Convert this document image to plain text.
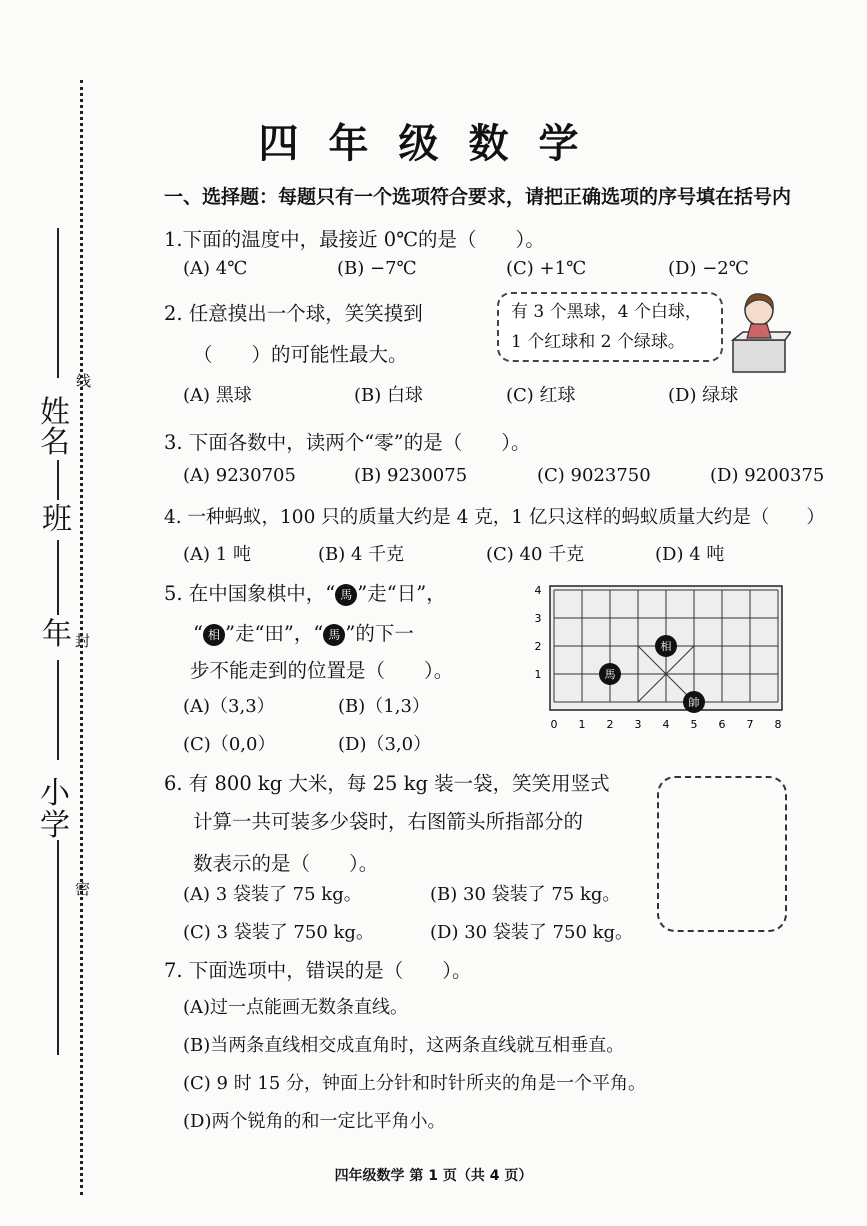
姓名
线
班
年 封
小学
密
四年级数学
一、选择题：每题只有一个选项符合要求，请把正确选项的序号填在括号内
1.下面的温度中，最接近 0℃的是（　　）。
(A) 4℃	(B) −7℃	(C) +1℃	(D) −2℃
2. 任意摸出一个球，笑笑摸到
（　　）的可能性最大。
有 3 个黑球，4 个白球，
1 个红球和 2 个绿球。
(A) 黑球	(B) 白球	(C) 红球	(D) 绿球
3. 下面各数中，读两个“零”的是（　　）。
(A) 9230705	(B) 9230075	(C) 9023750	(D) 9200375
4. 一种蚂蚁，100 只的质量大约是 4 克，1 亿只这样的蚂蚁质量大约是（　　）
(A) 1 吨	(B) 4 千克	(C) 40 千克	(D) 4 吨
5. 在中国象棋中，“ 馬 ”走“日”，
“ 相 ”走“田”，“ 馬 ”的下一
步不能走到的位置是（　　）。
(A)（3,3）	(B)（1,3）
(C)（0,0）	(D)（3,0）
0 1 2 3 4 5 6 7 8
1
2
3
4
馬
相
帥
6. 有 800 kg 大米，每 25 kg 装一袋，笑笑用竖式
计算一共可装多少袋时，右图箭头所指部分的
数表示的是（　　）。
(A) 3 袋装了 75 kg。	(B) 30 袋装了 75 kg。
(C) 3 袋装了 750 kg。	(D) 30 袋装了 750 kg。
7. 下面选项中，错误的是（　　）。
(A)过一点能画无数条直线。
(B)当两条直线相交成直角时，这两条直线就互相垂直。
(C) 9 时 15 分，钟面上分针和时针所夹的角是一个平角。
(D)两个锐角的和一定比平角小。
四年级数学 第 1 页（共 4 页）
